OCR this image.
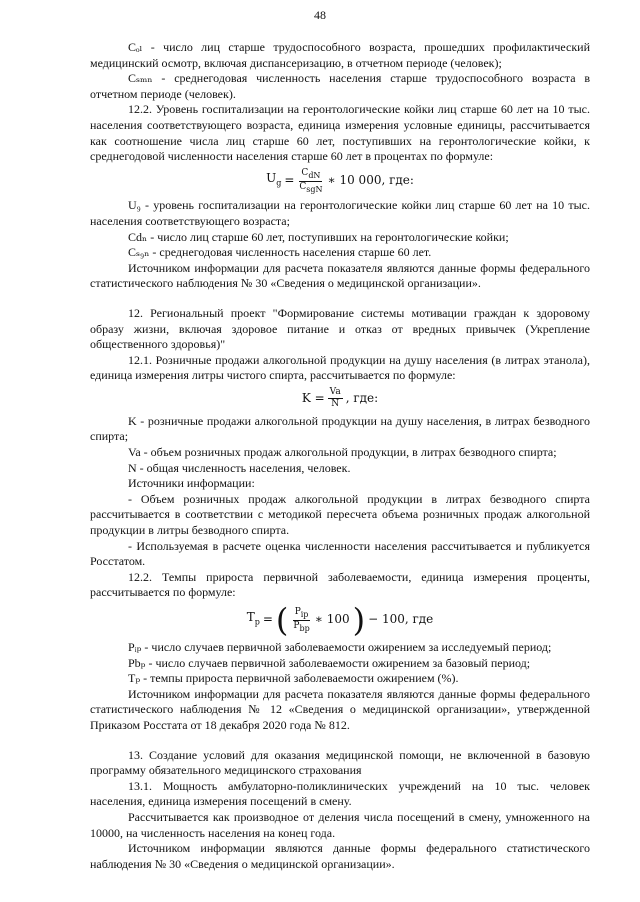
48

Cₒₗ - число лиц старше трудоспособного возраста, прошедших профилактический медицинский осмотр, включая диспансеризацию, в отчетном периоде (человек);

Cₛₘₙ - среднегодовая численность населения старше трудоспособного возраста в отчетном периоде (человек).

12.2. Уровень госпитализации на геронтологические койки лиц старше 60 лет на 10 тыс. населения соответствующего возраста, единица измерения условные единицы, рассчитывается как соотношение числа лиц старше 60 лет, поступивших на геронтологические койки, к среднегодовой численности населения старше 60 лет в процентах по формуле:

$U_g = \frac{C_{dN}}{C_{sgN}}$ ∗ 10 000, где:

U₉ - уровень госпитализации на геронтологические койки лиц старше 60 лет на 10 тыс. населения соответствующего возраста;

Cdₙ - число лиц старше 60 лет, поступивших на геронтологические койки;

Cₛ₉ₙ - среднегодовая численность населения старше 60 лет.

Источником информации для расчета показателя являются данные формы федерального статистического наблюдения № 30 «Сведения о медицинской организации».

12. Региональный проект "Формирование системы мотивации граждан к здоровому образу жизни, включая здоровое питание и отказ от вредных привычек (Укрепление общественного здоровья)"

12.1. Розничные продажи алкогольной продукции на душу населения (в литрах этанола), единица измерения литры чистого спирта, рассчитывается по формуле:

$K = \frac{Va}{N}$ , где:

K - розничные продажи алкогольной продукции на душу населения, в литрах безводного спирта;

Va - объем розничных продаж алкогольной продукции, в литрах безводного спирта;

N - общая численность населения, человек.

Источники информации:

- Объем розничных продаж алкогольной продукции в литрах безводного спирта рассчитывается в соответствии с методикой пересчета объема розничных продаж алкогольной продукции в литры безводного спирта.

- Используемая в расчете оценка численности населения рассчитывается и публикуется Росстатом.

12.2. Темпы прироста первичной заболеваемости, единица измерения проценты, рассчитывается по формуле:

$T_p$ = ( $\frac{P_{ip}}{P_{bp}}$ ∗ 100 ) − 100, где

Pᵢₚ - число случаев первичной заболеваемости ожирением за исследуемый период;

Pbₚ - число случаев первичной заболеваемости ожирением за базовый период;

Tₚ - темпы прироста первичной заболеваемости ожирением (%).

Источником информации для расчета показателя являются данные формы федерального статистического наблюдения № 12 «Сведения о медицинской организации», утвержденной Приказом Росстата от 18 декабря 2020 года № 812.

13. Создание условий для оказания медицинской помощи, не включенной в базовую программу обязательного медицинского страхования

13.1. Мощность амбулаторно-поликлинических учреждений на 10 тыс. человек населения, единица измерения посещений в смену.

Рассчитывается как производное от деления числа посещений в смену, умноженного на 10000, на численность населения на конец года.

Источником информации являются данные формы федерального статистического наблюдения № 30 «Сведения о медицинской организации».
